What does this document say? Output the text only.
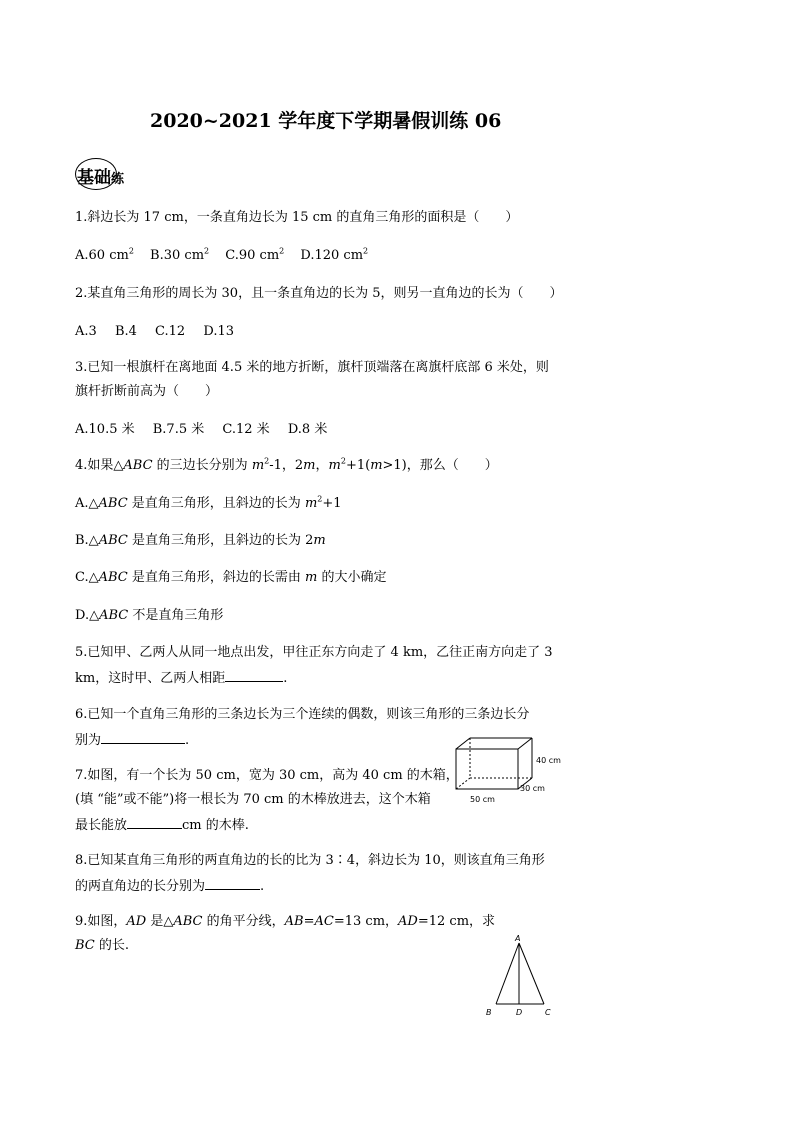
2020~2021 学年度下学期暑假训练 06
基础练
1.斜边长为 17 cm，一条直角边长为 15 cm 的直角三角形的面积是（　　）
A.60 $cm^2$ B.30 $cm^2$ C.90 $cm^2$ D.120 $cm^2$
2.某直角三角形的周长为 30，且一条直角边的长为 5，则另一直角边的长为（　　）
A.3 B.4 C.12 D.13
3.已知一根旗杆在离地面 4.5 米的地方折断，旗杆顶端落在离旗杆底部 6 米处，则
旗杆折断前高为（　　）
A.10.5 米 B.7.5 米 C.12 米 D.8 米
4.如果△ABC 的三边长分别为 $m^2-1$，2m，$m^2+1(m>1)$，那么（　　）
A.△ABC 是直角三角形，且斜边的长为 $m^2+1$
B.△ABC 是直角三角形，且斜边的长为 2m
C.△ABC 是直角三角形，斜边的长需由 m 的大小确定
D.△ABC 不是直角三角形
5.已知甲、乙两人从同一地点出发，甲往正东方向走了 4 km，乙往正南方向走了 3
km，这时甲、乙两人相距	.
6.已知一个直角三角形的三条边长为三个连续的偶数，则该三角形的三条边长分
别为	.
7.如图，有一个长为 50 cm，宽为 30 cm，高为 40 cm 的木箱，
(填 “能”或不能”)将一根长为 70 cm 的木棒放进去，这个木箱
最长能放	cm 的木棒.
40 cm
30 cm
50 cm
8.已知某直角三角形的两直角边的长的比为 3∶4，斜边长为 10，则该直角三角形
的两直角边的长分别为	.
9.如图，AD 是△ABC 的角平分线，AB=AC=13 cm，AD=12 cm，求
BC 的长.	A
B	D	C
